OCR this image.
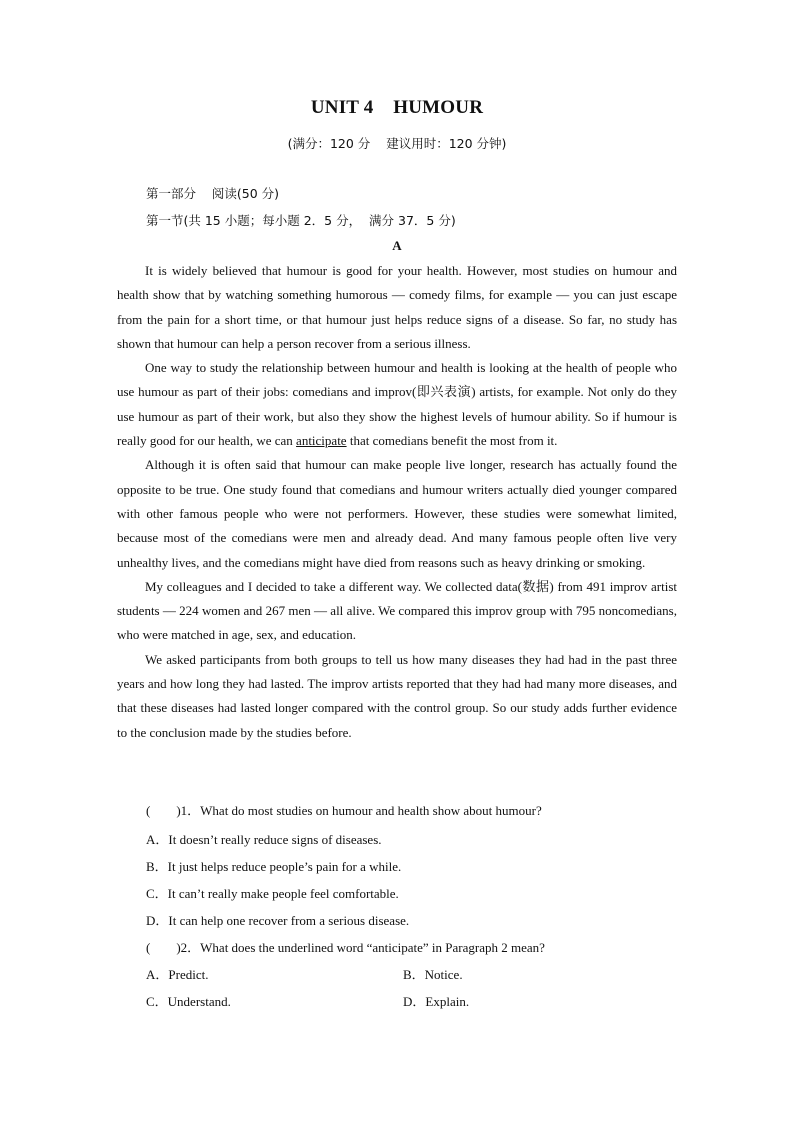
UNIT 4    HUMOUR
(满分：120 分    建议用时：120 分钟)
第一部分    阅读(50 分)
第一节(共 15 小题；每小题 2．5 分，  满分 37．5 分)
A

It is widely believed that humour is good for your health. However, most studies on humour and health show that by watching something humorous — comedy films, for example — you can just escape from the pain for a short time, or that humour just helps reduce signs of a disease. So far, no study has shown that humour can help a person recover from a serious illness.

One way to study the relationship between humour and health is looking at the health of people who use humour as part of their jobs: comedians and improv(即兴表演) artists, for example. Not only do they use humour as part of their work, but also they show the highest levels of humour ability. So if humour is really good for our health, we can anticipate that comedians benefit the most from it.

Although it is often said that humour can make people live longer, research has actually found the opposite to be true. One study found that comedians and humour writers actually died younger compared with other famous people who were not performers. However, these studies were somewhat limited, because most of the comedians were men and already dead. And many famous people often live very unhealthy lives, and the comedians might have died from reasons such as heavy drinking or smoking.

My colleagues and I decided to take a different way. We collected data(数据) from 491 improv artist students — 224 women and 267 men — all alive. We compared this improv group with 795 noncomedians, who were matched in age, sex, and education.

We asked participants from both groups to tell us how many diseases they had had in the past three years and how long they had lasted. The improv artists reported that they had had many more diseases, and that these diseases had lasted longer compared with the control group. So our study adds further evidence to the conclusion made by the studies before.

(        )1．What do most studies on humour and health show about humour?
A．It doesn’t really reduce signs of diseases.
B．It just helps reduce people’s pain for a while.
C．It can’t really make people feel comfortable.
D．It can help one recover from a serious disease.
(        )2．What does the underlined word “anticipate” in Paragraph 2 mean?
A．Predict.	B．Notice.
C．Understand.	D．Explain.
